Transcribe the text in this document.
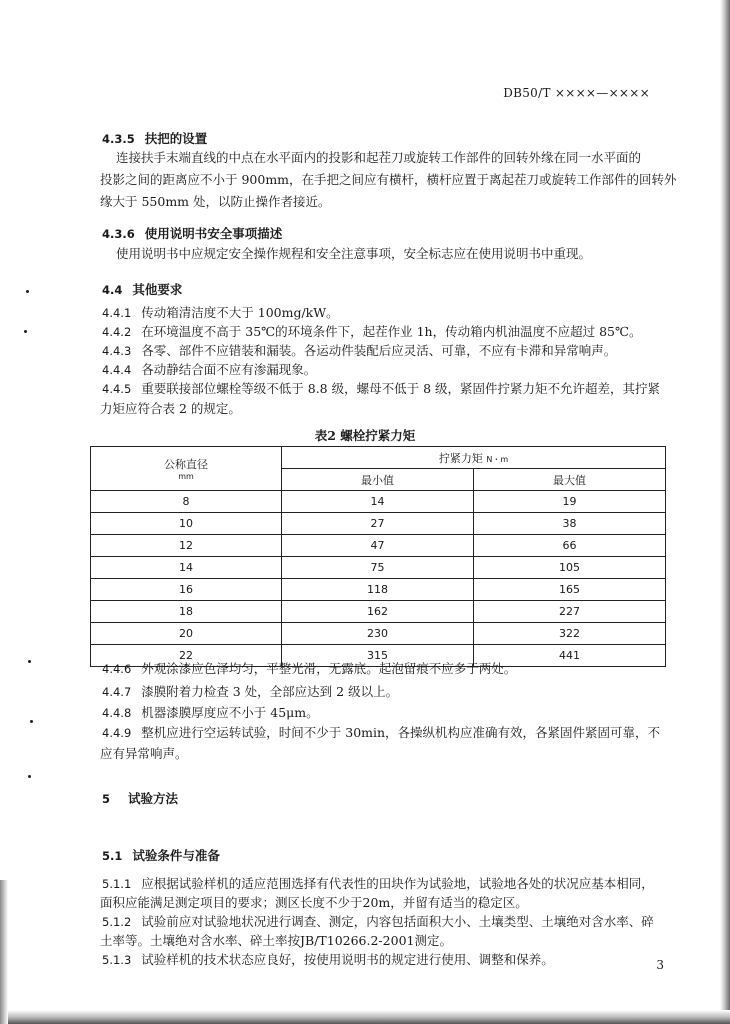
DB50/T ××××—××××
4.3.5 扶把的设置
连接扶手末端直线的中点在水平面内的投影和起茬刀或旋转工作部件的回转外缘在同一水平面的
投影之间的距离应不小于 900mm，在手把之间应有横杆，横杆应置于离起茬刀或旋转工作部件的回转外
缘大于 550mm 处，以防止操作者接近。
4.3.6 使用说明书安全事项描述
使用说明书中应规定安全操作规程和安全注意事项，安全标志应在使用说明书中重现。
4.4 其他要求
4.4.1 传动箱清洁度不大于 100mg/kW。
4.4.2 在环境温度不高于 35℃的环境条件下，起茬作业 1h，传动箱内机油温度不应超过 85℃。
4.4.3 各零、部件不应错装和漏装。各运动件装配后应灵活、可靠，不应有卡滞和异常响声。
4.4.4 各动静结合面不应有渗漏现象。
4.4.5 重要联接部位螺栓等级不低于 8.8 级，螺母不低于 8 级，紧固件拧紧力矩不允许超差，其拧紧
力矩应符合表 2 的规定。
表2 螺栓拧紧力矩
公称直径
mm	拧紧力矩 N・m	
	最小值	最大值
8	14	19
10	27	38
12	47	66
14	75	105
16	118	165
18	162	227
20	230	322
22	315	441
4.4.6 外观涂漆应色泽均匀，平整光滑，无露底。起泡留痕不应多于两处。
4.4.7 漆膜附着力检查 3 处，全部应达到 2 级以上。
4.4.8 机器漆膜厚度应不小于 45μm。
4.4.9 整机应进行空运转试验，时间不少于 30min，各操纵机构应准确有效，各紧固件紧固可靠，不
应有异常响声。
5 试验方法
5.1 试验条件与准备
5.1.1 应根据试验样机的适应范围选择有代表性的田块作为试验地，试验地各处的状况应基本相同，
面积应能满足测定项目的要求；测区长度不少于20m，并留有适当的稳定区。
5.1.2 试验前应对试验地状况进行调查、测定，内容包括面积大小、土壤类型、土壤绝对含水率、碎
土率等。土壤绝对含水率、碎土率按JB/T10266.2-2001测定。
5.1.3 试验样机的技术状态应良好，按使用说明书的规定进行使用、调整和保养。	3
